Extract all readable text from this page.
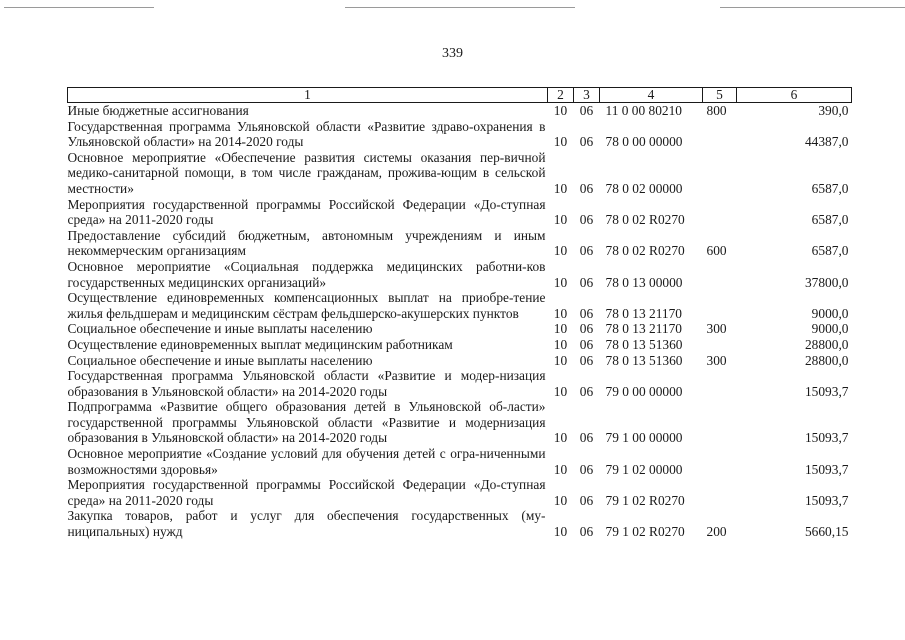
339
1	2	3	4	5	6
Иные бюджетные ассигнования	10	06	11 0 00 80210	800	390,0
Государственная программа Ульяновской области «Развитие здраво-охранения в Ульяновской области» на 2014-2020 годы	10	06	78 0 00 00000		44387,0
Основное мероприятие «Обеспечение развития системы оказания пер-вичной медико-санитарной помощи, в том числе гражданам, прожива-ющим в сельской местности»	10	06	78 0 02 00000		6587,0
Мероприятия государственной программы Российской Федерации «До-ступная среда» на 2011-2020 годы	10	06	78 0 02 R0270		6587,0
Предоставление субсидий бюджетным, автономным учреждениям и иным некоммерческим организациям	10	06	78 0 02 R0270	600	6587,0
Основное мероприятие «Социальная поддержка медицинских работни-ков государственных медицинских организаций»	10	06	78 0 13 00000		37800,0
Осуществление единовременных компенсационных выплат на приобре-тение жилья фельдшерам и медицинским сёстрам фельдшерско-акушерских пунктов	10	06	78 0 13 21170		9000,0
Социальное обеспечение и иные выплаты населению	10	06	78 0 13 21170	300	9000,0
Осуществление единовременных выплат медицинским работникам	10	06	78 0 13 51360		28800,0
Социальное обеспечение и иные выплаты населению	10	06	78 0 13 51360	300	28800,0
Государственная программа Ульяновской области «Развитие и модер-низация образования в Ульяновской области» на 2014-2020 годы	10	06	79 0 00 00000		15093,7
Подпрограмма «Развитие общего образования детей в Ульяновской об-ласти» государственной программы Ульяновской области «Развитие и модернизация образования в Ульяновской области» на 2014-2020 годы	10	06	79 1 00 00000		15093,7
Основное мероприятие «Создание условий для обучения детей с огра-ниченными возможностями здоровья»	10	06	79 1 02 00000		15093,7
Мероприятия государственной программы Российской Федерации «До-ступная среда» на 2011-2020 годы	10	06	79 1 02 R0270		15093,7
Закупка товаров, работ и услуг для обеспечения государственных (му-ниципальных) нужд	10	06	79 1 02 R0270	200	5660,15
